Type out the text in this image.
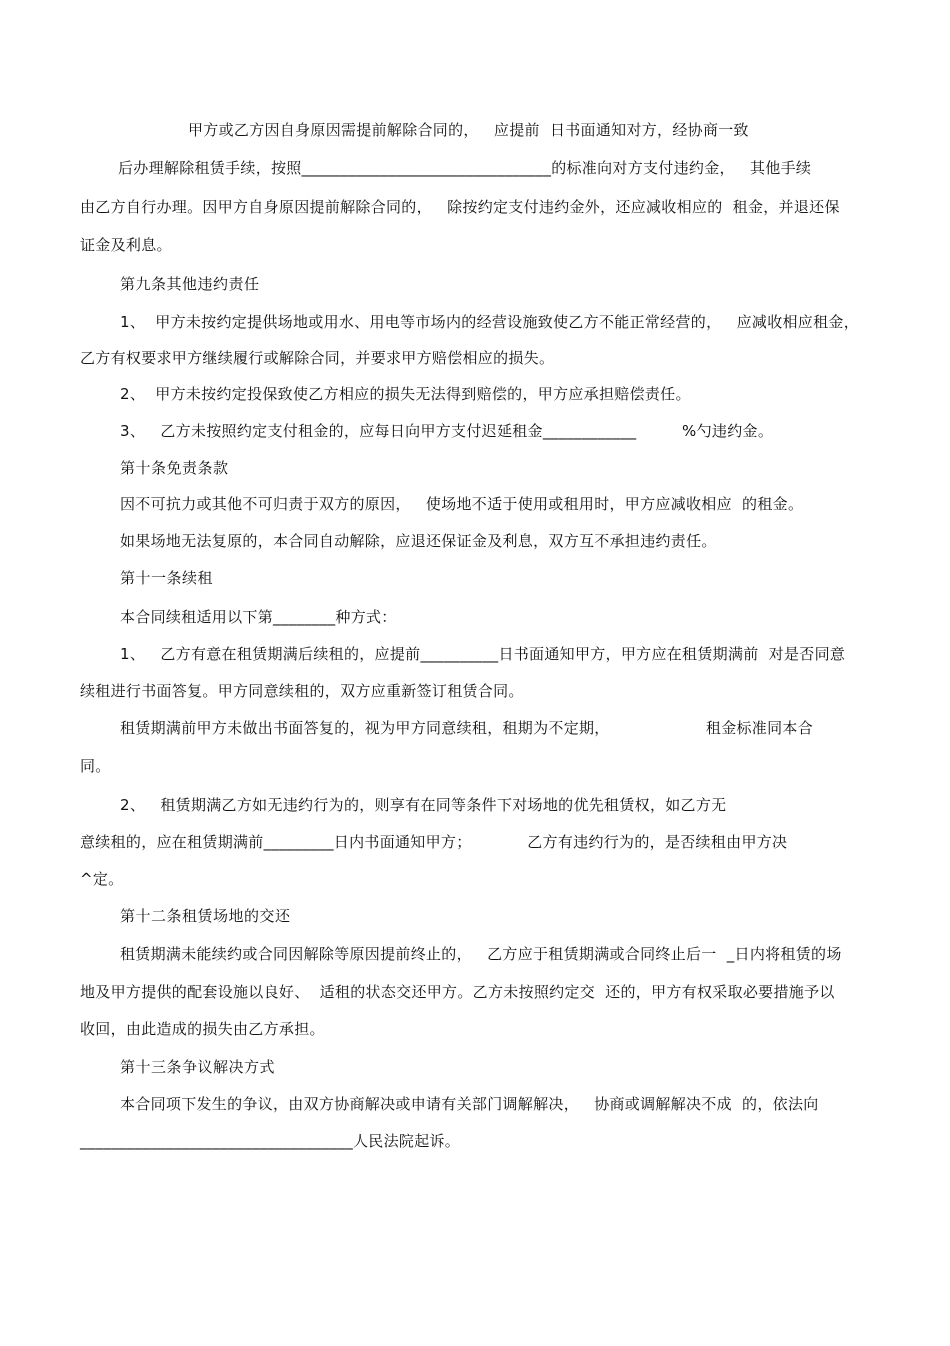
甲方或乙方因自身原因需提前解除合同的，   应提前  日书面通知对方，经协商一致
后办理解除租赁手续，按照________________________________的标准向对方支付违约金，   其他手续
由乙方自行办理。因甲方自身原因提前解除合同的，   除按约定支付违约金外，还应减收相应的  租金，并退还保
证金及利息。
第九条其他违约责任
1、  甲方未按约定提供场地或用水、用电等市场内的经营设施致使乙方不能正常经营的，   应减收相应租金，
乙方有权要求甲方继续履行或解除合同，并要求甲方赔偿相应的损失。
2、  甲方未按约定投保致使乙方相应的损失无法得到赔偿的，甲方应承担赔偿责任。
3、   乙方未按照约定支付租金的，应每日向甲方支付迟延租金____________         %勺违约金。
第十条免责条款
因不可抗力或其他不可归责于双方的原因，   使场地不适于使用或租用时，甲方应减收相应  的租金。
如果场地无法复原的，本合同自动解除，应退还保证金及利息，双方互不承担违约责任。
第十一条续租
本合同续租适用以下第________种方式：
1、   乙方有意在租赁期满后续租的，应提前__________日书面通知甲方，甲方应在租赁期满前  对是否同意
续租进行书面答复。甲方同意续租的，双方应重新签订租赁合同。
租赁期满前甲方未做出书面答复的，视为甲方同意续租，租期为不定期，                   租金标准同本合
同。
2、   租赁期满乙方如无违约行为的，则享有在同等条件下对场地的优先租赁权，如乙方无
意续租的，应在租赁期满前_________日内书面通知甲方；           乙方有违约行为的，是否续租由甲方决
^定。
第十二条租赁场地的交还
租赁期满未能续约或合同因解除等原因提前终止的，   乙方应于租赁期满或合同终止后一  _日内将租赁的场
地及甲方提供的配套设施以良好、  适租的状态交还甲方。乙方未按照约定交  还的，甲方有权采取必要措施予以
收回，由此造成的损失由乙方承担。
第十三条争议解决方式
本合同项下发生的争议，由双方协商解决或申请有关部门调解解决，   协商或调解解决不成  的，依法向
___________________________________人民法院起诉。
